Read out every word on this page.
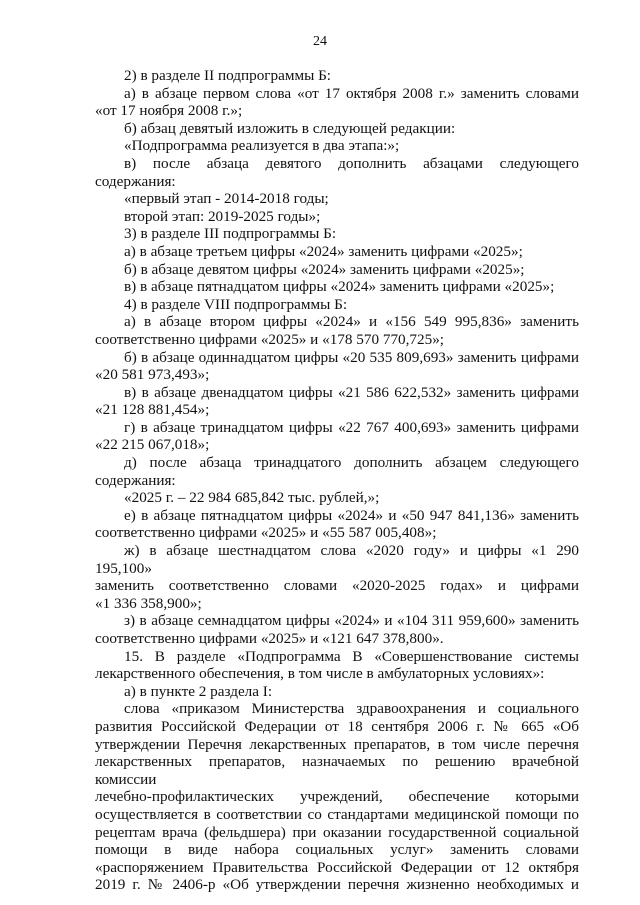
24

2) в разделе II подпрограммы Б:

а) в абзаце первом слова «от 17 октября 2008 г.» заменить словами
«от 17 ноября 2008 г.»;

б) абзац девятый изложить в следующей редакции:

«Подпрограмма реализуется в два этапа:»;

в) после абзаца девятого дополнить абзацами следующего
содержания:

«первый этап - 2014-2018 годы;

второй этап: 2019-2025 годы»;

3) в разделе III подпрограммы Б:

а) в абзаце третьем цифры «2024» заменить цифрами «2025»;

б) в абзаце девятом цифры «2024» заменить цифрами «2025»;

в) в абзаце пятнадцатом цифры «2024» заменить цифрами «2025»;

4) в разделе VIII подпрограммы Б:

а) в абзаце втором цифры «2024» и «156 549 995,836» заменить
соответственно цифрами «2025» и «178 570 770,725»;

б) в абзаце одиннадцатом цифры «20 535 809,693» заменить цифрами
«20 581 973,493»;

в) в абзаце двенадцатом цифры «21 586 622,532» заменить цифрами
«21 128 881,454»;

г) в абзаце тринадцатом цифры «22 767 400,693» заменить цифрами
«22 215 067,018»;

д) после абзаца тринадцатого дополнить абзацем следующего
содержания:

«2025 г. – 22 984 685,842 тыс. рублей,»;

е) в абзаце пятнадцатом цифры «2024» и «50 947 841,136» заменить
соответственно цифрами «2025» и «55 587 005,408»;

ж) в абзаце шестнадцатом слова «2020 году» и цифры «1 290 195,100»
заменить соответственно словами «2020-2025 годах» и цифрами
«1 336 358,900»;

з) в абзаце семнадцатом цифры «2024» и «104 311 959,600» заменить
соответственно цифрами «2025» и «121 647 378,800».

15. В разделе «Подпрограмма В «Совершенствование системы
лекарственного обеспечения, в том числе в амбулаторных условиях»:

а) в пункте 2 раздела I:

слова «приказом Министерства здравоохранения и социального
развития Российской Федерации от 18 сентября 2006 г. № 665 «Об
утверждении Перечня лекарственных препаратов, в том числе перечня
лекарственных препаратов, назначаемых по решению врачебной комиссии
лечебно-профилактических учреждений, обеспечение которыми
осуществляется в соответствии со стандартами медицинской помощи по
рецептам врача (фельдшера) при оказании государственной социальной
помощи в виде набора социальных услуг» заменить словами
«распоряжением Правительства Российской Федерации от 12 октября
2019 г. № 2406-р «Об утверждении перечня жизненно необходимых и
